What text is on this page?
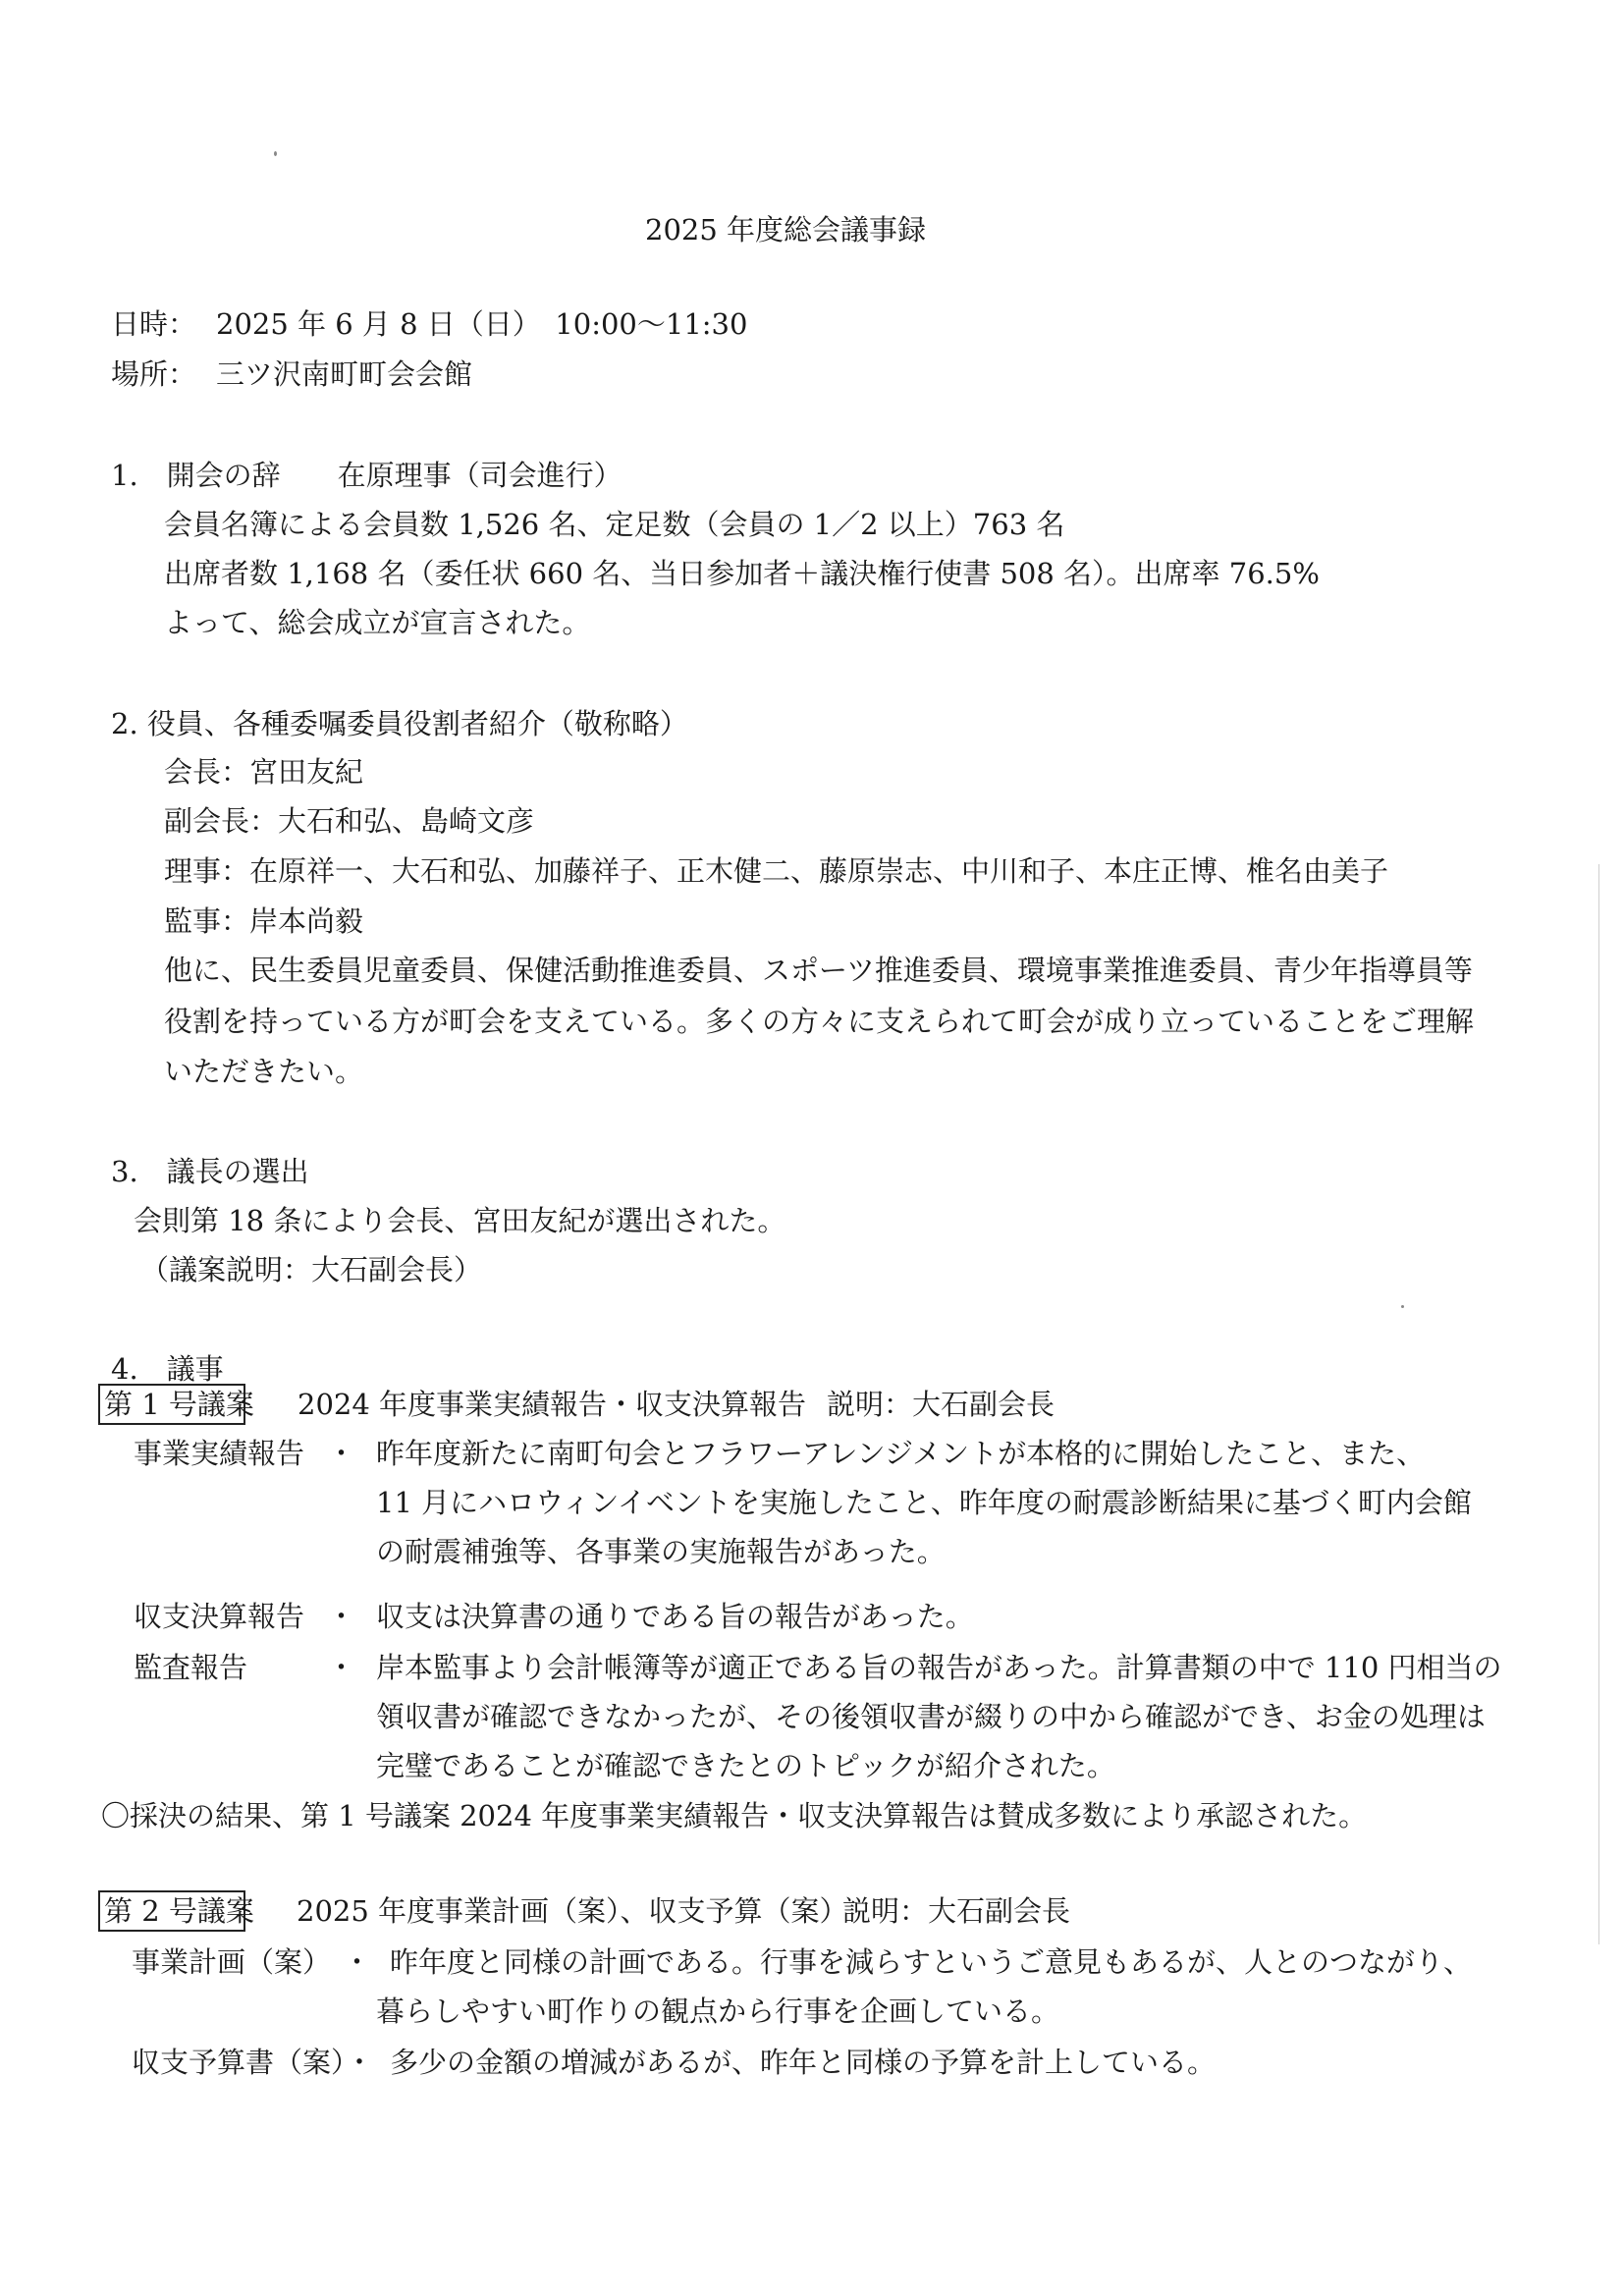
2025 年度総会議事録
日時： 2025 年 6 月 8 日（日）　10:00～11:30
場所： 三ツ沢南町町会会館
1.　開会の辞　　在原理事（司会進行）
会員名簿による会員数 1,526 名、定足数（会員の 1／2 以上）763 名
出席者数 1,168 名（委任状 660 名、当日参加者＋議決権行使書 508 名）。出席率 76.5%
よって、総会成立が宣言された。
2. 役員、各種委嘱委員役割者紹介（敬称略）
会長：宮田友紀
副会長：大石和弘、島崎文彦
理事：在原祥一、大石和弘、加藤祥子、正木健二、藤原崇志、中川和子、本庄正博、椎名由美子
監事：岸本尚毅
他に、民生委員児童委員、保健活動推進委員、スポーツ推進委員、環境事業推進委員、青少年指導員等
役割を持っている方が町会を支えている。多くの方々に支えられて町会が成り立っていることをご理解
いただきたい。
3.　議長の選出
会則第 18 条により会長、宮田友紀が選出された。
（議案説明：大石副会長）
4.　議事
第 1 号議案 2024 年度事業実績報告・収支決算報告 説明：大石副会長
事業実績報告 ・ 昨年度新たに南町句会とフラワーアレンジメントが本格的に開始したこと、また、
11 月にハロウィンイベントを実施したこと、昨年度の耐震診断結果に基づく町内会館
の耐震補強等、各事業の実施報告があった。
収支決算報告 ・ 収支は決算書の通りである旨の報告があった。
監査報告	・ 岸本監事より会計帳簿等が適正である旨の報告があった。計算書類の中で 110 円相当の
領収書が確認できなかったが、その後領収書が綴りの中から確認ができ、お金の処理は
完璧であることが確認できたとのトピックが紹介された。
〇採決の結果、第 1 号議案 2024 年度事業実績報告・収支決算報告は賛成多数により承認された。
第 2 号議案 2025 年度事業計画（案）、収支予算（案）
説明：大石副会長
事業計画（案） ・ 昨年度と同様の計画である。行事を減らすというご意見もあるが、人とのつながり、
暮らしやすい町作りの観点から行事を企画している。
収支予算書（案）・ 多少の金額の増減があるが、昨年と同様の予算を計上している。
